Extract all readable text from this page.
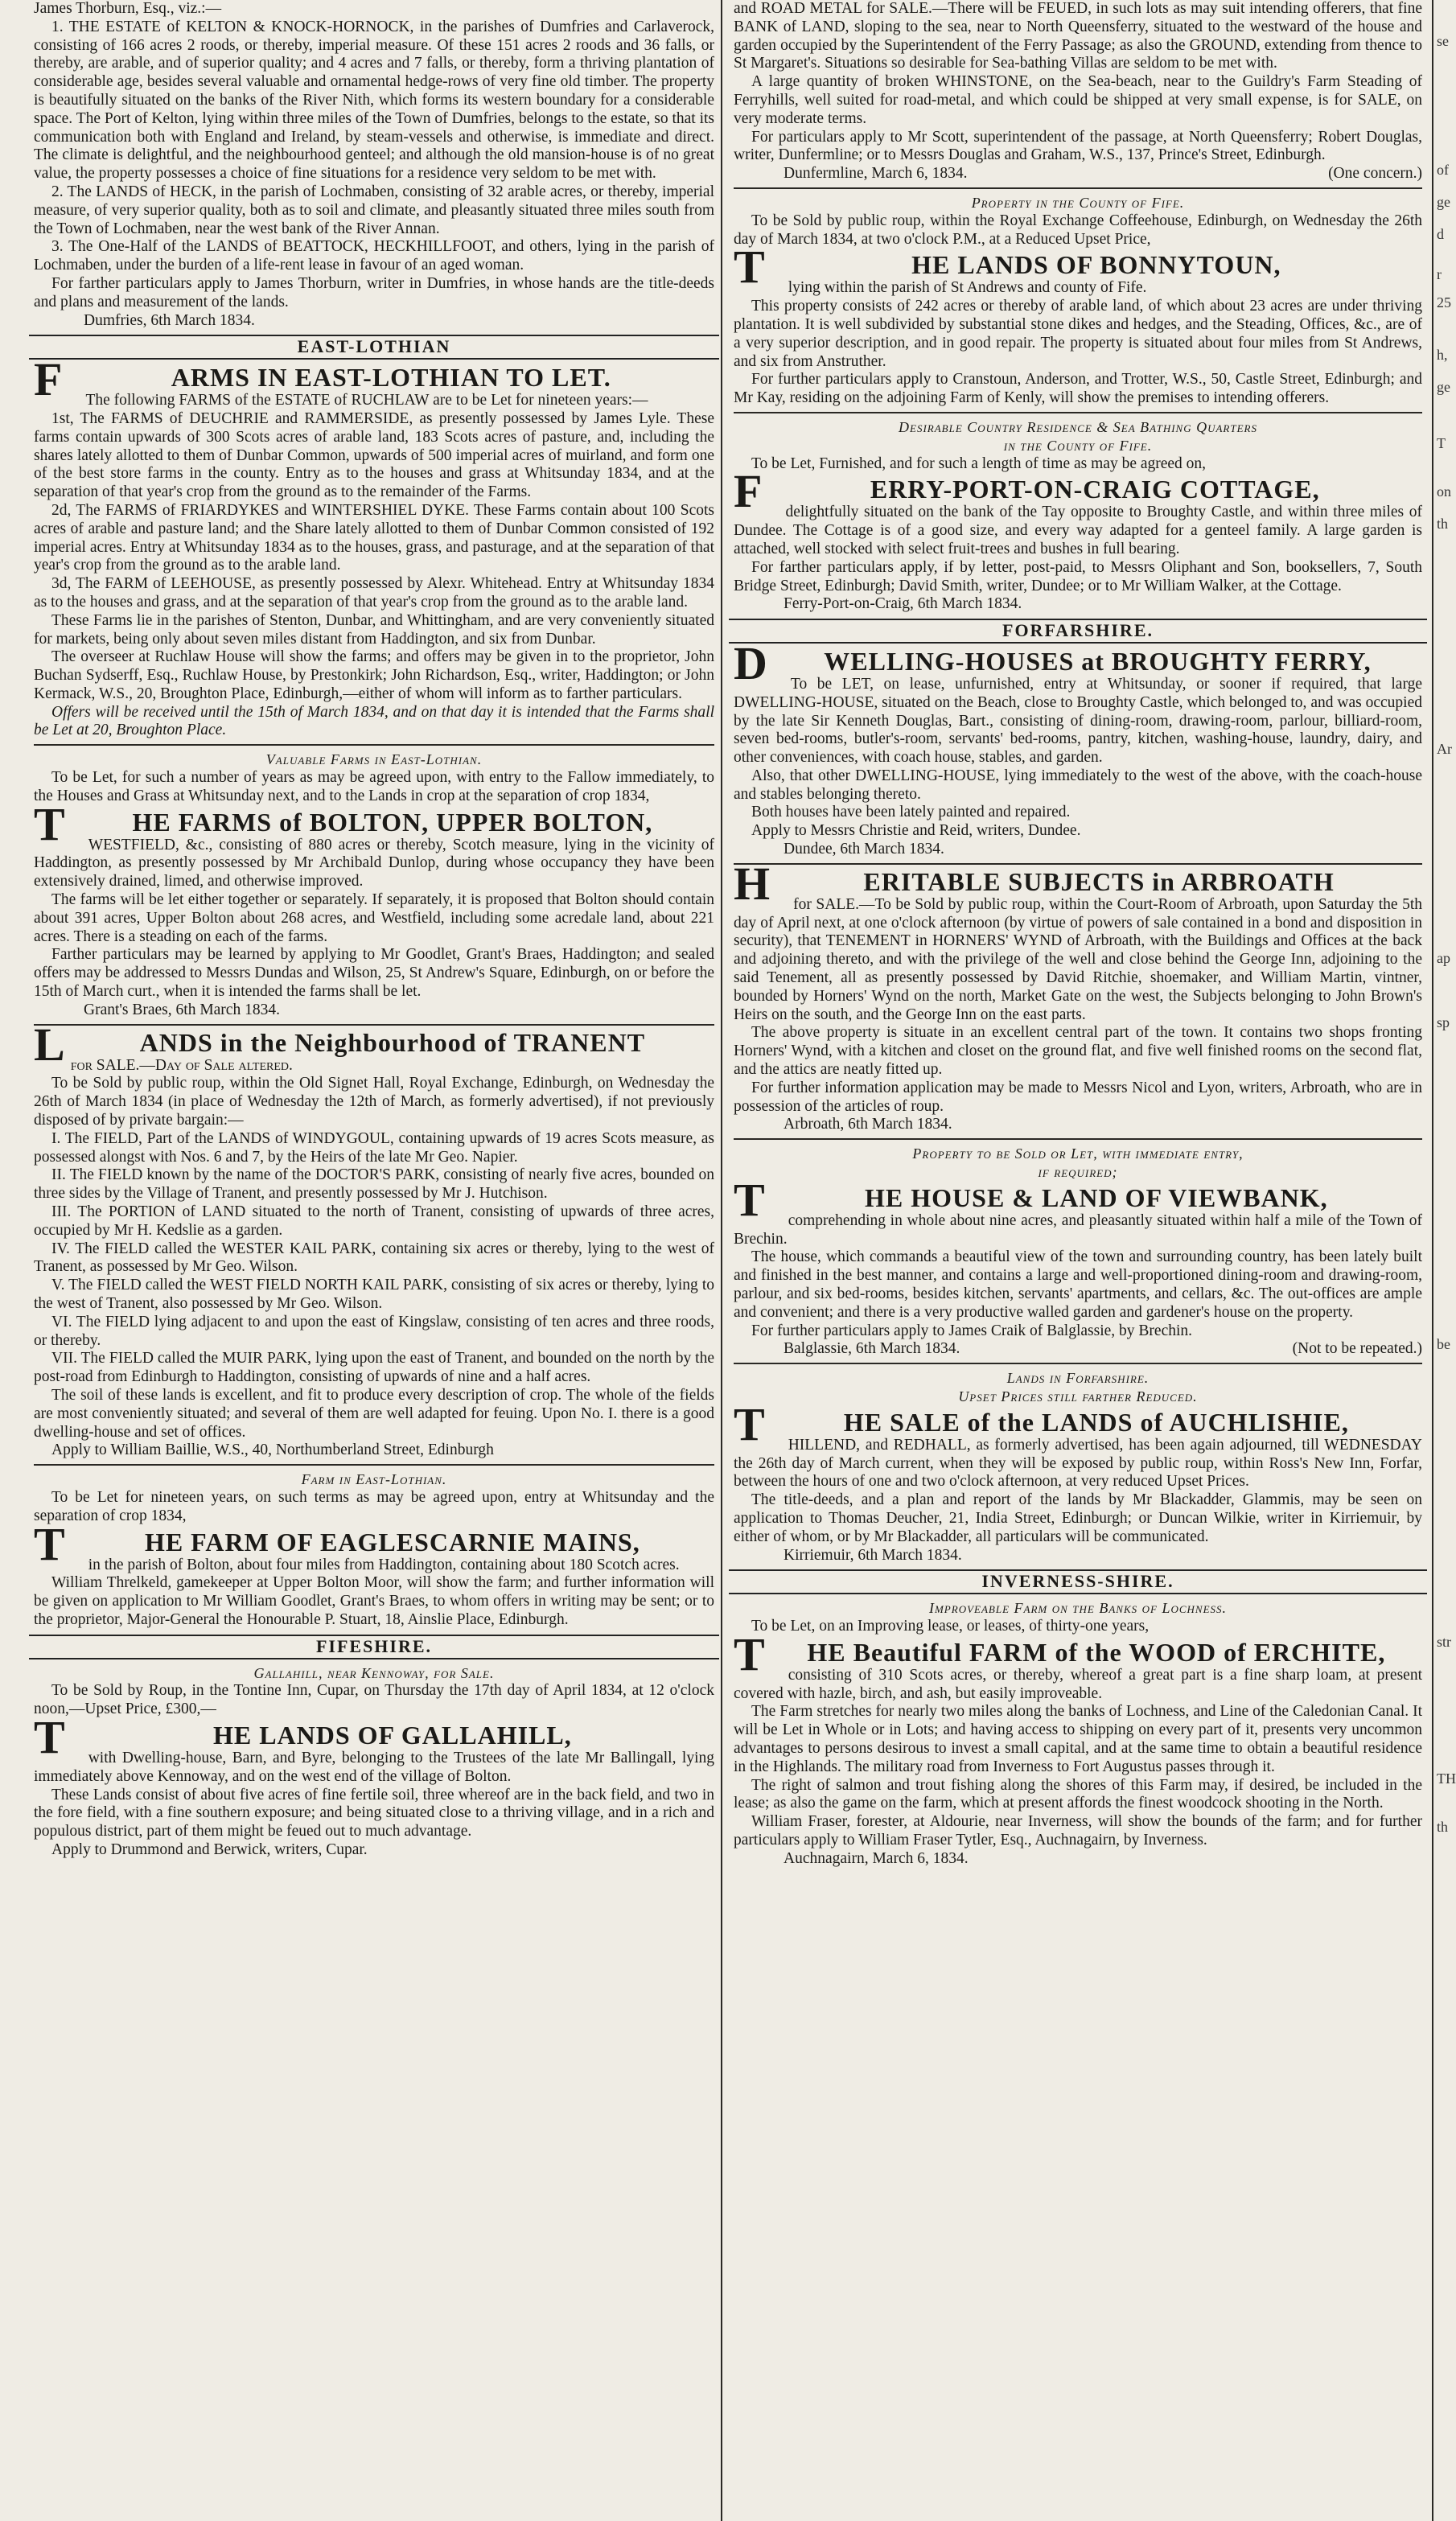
James Thorburn, Esq., viz.:—

1. THE ESTATE of KELTON & KNOCK-HORNOCK, in the parishes of Dumfries and Carlaverock, consisting of 166 acres 2 roods, or thereby, imperial measure. Of these 151 acres 2 roods and 36 falls, or thereby, are arable, and of superior quality; and 4 acres and 7 falls, or thereby, form a thriving plantation of considerable age, besides several valuable and ornamental hedge-rows of very fine old timber. The property is beautifully situated on the banks of the River Nith, which forms its western boundary for a considerable space. The Port of Kelton, lying within three miles of the Town of Dumfries, belongs to the estate, so that its communication both with England and Ireland, by steam-vessels and otherwise, is immediate and direct. The climate is delightful, and the neighbourhood genteel; and although the old mansion-house is of no great value, the property possesses a choice of fine situations for a residence very seldom to be met with.

2. The LANDS of HECK, in the parish of Lochmaben, consisting of 32 arable acres, or thereby, imperial measure, of very superior quality, both as to soil and climate, and pleasantly situated three miles south from the Town of Lochmaben, near the west bank of the River Annan.

3. The One-Half of the LANDS of BEATTOCK, HECKHILLFOOT, and others, lying in the parish of Lochmaben, under the burden of a life-rent lease in favour of an aged woman.

For farther particulars apply to James Thorburn, writer in Dumfries, in whose hands are the title-deeds and plans and measurement of the lands.

Dumfries, 6th March 1834.

EAST-LOTHIAN
F	ARMS IN EAST-LOTHIAN TO LET.

The following FARMS of the ESTATE of RUCHLAW are to be Let for nineteen years:—

1st, The FARMS of DEUCHRIE and RAMMERSIDE, as presently possessed by James Lyle. These farms contain upwards of 300 Scots acres of arable land, 183 Scots acres of pasture, and, including the shares lately allotted to them of Dunbar Common, upwards of 500 imperial acres of muirland, and form one of the best store farms in the county. Entry as to the houses and grass at Whitsunday 1834, and at the separation of that year's crop from the ground as to the remainder of the Farms.

2d, The FARMS of FRIARDYKES and WINTERSHIEL DYKE. These Farms contain about 100 Scots acres of arable and pasture land; and the Share lately allotted to them of Dunbar Common consisted of 192 imperial acres. Entry at Whitsunday 1834 as to the houses, grass, and pasturage, and at the separation of that year's crop from the ground as to the arable land.

3d, The FARM of LEEHOUSE, as presently possessed by Alexr. Whitehead. Entry at Whitsunday 1834 as to the houses and grass, and at the separation of that year's crop from the ground as to the arable land.

These Farms lie in the parishes of Stenton, Dunbar, and Whittingham, and are very conveniently situated for markets, being only about seven miles distant from Haddington, and six from Dunbar.

The overseer at Ruchlaw House will show the farms; and offers may be given in to the proprietor, John Buchan Sydserff, Esq., Ruchlaw House, by Prestonkirk; John Richardson, Esq., writer, Haddington; or John Kermack, W.S., 20, Broughton Place, Edinburgh,—either of whom will inform as to farther particulars.

Offers will be received until the 15th of March 1834, and on that day it is intended that the Farms shall be Let at 20, Broughton Place.

Valuable Farms in East-Lothian.

To be Let, for such a number of years as may be agreed upon, with entry to the Fallow immediately, to the Houses and Grass at Whitsunday next, and to the Lands in crop at the separation of crop 1834,

T	HE FARMS of BOLTON, UPPER BOLTON,

WESTFIELD, &c., consisting of 880 acres or thereby, Scotch measure, lying in the vicinity of Haddington, as presently possessed by Mr Archibald Dunlop, during whose occupancy they have been extensively drained, limed, and otherwise improved.

The farms will be let either together or separately. If separately, it is proposed that Bolton should contain about 391 acres, Upper Bolton about 268 acres, and Westfield, including some acredale land, about 221 acres. There is a steading on each of the farms.

Farther particulars may be learned by applying to Mr Goodlet, Grant's Braes, Haddington; and sealed offers may be addressed to Messrs Dundas and Wilson, 25, St Andrew's Square, Edinburgh, on or before the 15th of March curt., when it is intended the farms shall be let.

Grant's Braes, 6th March 1834.

L	ANDS in the Neighbourhood of TRANENT

for SALE.—Day of Sale altered.

To be Sold by public roup, within the Old Signet Hall, Royal Exchange, Edinburgh, on Wednesday the 26th of March 1834 (in place of Wednesday the 12th of March, as formerly advertised), if not previously disposed of by private bargain:—

I. The FIELD, Part of the LANDS of WINDYGOUL, containing upwards of 19 acres Scots measure, as possessed alongst with Nos. 6 and 7, by the Heirs of the late Mr Geo. Napier.

II. The FIELD known by the name of the DOCTOR'S PARK, consisting of nearly five acres, bounded on three sides by the Village of Tranent, and presently possessed by Mr J. Hutchison.

III. The PORTION of LAND situated to the north of Tranent, consisting of upwards of three acres, occupied by Mr H. Kedslie as a garden.

IV. The FIELD called the WESTER KAIL PARK, containing six acres or thereby, lying to the west of Tranent, as possessed by Mr Geo. Wilson.

V. The FIELD called the WEST FIELD NORTH KAIL PARK, consisting of six acres or thereby, lying to the west of Tranent, also possessed by Mr Geo. Wilson.

VI. The FIELD lying adjacent to and upon the east of Kingslaw, consisting of ten acres and three roods, or thereby.

VII. The FIELD called the MUIR PARK, lying upon the east of Tranent, and bounded on the north by the post-road from Edinburgh to Haddington, consisting of upwards of nine and a half acres.

The soil of these lands is excellent, and fit to produce every description of crop. The whole of the fields are most conveniently situated; and several of them are well adapted for feuing. Upon No. I. there is a good dwelling-house and set of offices.

Apply to William Baillie, W.S., 40, Northumberland Street, Edinburgh

Farm in East-Lothian.

To be Let for nineteen years, on such terms as may be agreed upon, entry at Whitsunday and the separation of crop 1834,

T	HE FARM OF EAGLESCARNIE MAINS,

in the parish of Bolton, about four miles from Haddington, containing about 180 Scotch acres.

William Threlkeld, gamekeeper at Upper Bolton Moor, will show the farm; and further information will be given on application to Mr William Goodlet, Grant's Braes, to whom offers in writing may be sent; or to the proprietor, Major-General the Honourable P. Stuart, 18, Ainslie Place, Edinburgh.

FIFESHIRE.
Gallahill, near Kennoway, for Sale.

To be Sold by Roup, in the Tontine Inn, Cupar, on Thursday the 17th day of April 1834, at 12 o'clock noon,—Upset Price, £300,—

T	HE LANDS OF GALLAHILL,

with Dwelling-house, Barn, and Byre, belonging to the Trustees of the late Mr Ballingall, lying immediately above Kennoway, and on the west end of the village of Bolton.

These Lands consist of about five acres of fine fertile soil, three whereof are in the back field, and two in the fore field, with a fine southern exposure; and being situated close to a thriving village, and in a rich and populous district, part of them might be feued out to much advantage.

Apply to Drummond and Berwick, writers, Cupar.

and ROAD METAL for SALE.—There will be FEUED, in such lots as may suit intending offerers, that fine BANK of LAND, sloping to the sea, near to North Queensferry, situated to the westward of the house and garden occupied by the Superintendent of the Ferry Passage; as also the GROUND, extending from thence to St Margaret's. Situations so desirable for Sea-bathing Villas are seldom to be met with.

A large quantity of broken WHINSTONE, on the Sea-beach, near to the Guildry's Farm Steading of Ferryhills, well suited for road-metal, and which could be shipped at very small expense, is for SALE, on very moderate terms.

For particulars apply to Mr Scott, superintendent of the passage, at North Queensferry; Robert Douglas, writer, Dunfermline; or to Messrs Douglas and Graham, W.S., 137, Prince's Street, Edinburgh.

Dunfermline, March 6, 1834.	(One concern.)

Property in the County of Fife.

To be Sold by public roup, within the Royal Exchange Coffeehouse, Edinburgh, on Wednesday the 26th day of March 1834, at two o'clock P.M., at a Reduced Upset Price,

T	HE LANDS OF BONNYTOUN,

lying within the parish of St Andrews and county of Fife.

This property consists of 242 acres or thereby of arable land, of which about 23 acres are under thriving plantation. It is well subdivided by substantial stone dikes and hedges, and the Steading, Offices, &c., are of a very superior description, and in good repair. The property is situated about four miles from St Andrews, and six from Anstruther.

For further particulars apply to Cranstoun, Anderson, and Trotter, W.S., 50, Castle Street, Edinburgh; and Mr Kay, residing on the adjoining Farm of Kenly, will show the premises to intending offerers.

Desirable Country Residence & Sea Bathing Quarters
in the County of Fife.

To be Let, Furnished, and for such a length of time as may be agreed on,

F	ERRY-PORT-ON-CRAIG COTTAGE,

delightfully situated on the bank of the Tay opposite to Broughty Castle, and within three miles of Dundee. The Cottage is of a good size, and every way adapted for a genteel family. A large garden is attached, well stocked with select fruit-trees and bushes in full bearing.

For farther particulars apply, if by letter, post-paid, to Messrs Oliphant and Son, booksellers, 7, South Bridge Street, Edinburgh; David Smith, writer, Dundee; or to Mr William Walker, at the Cottage.

Ferry-Port-on-Craig, 6th March 1834.

FORFARSHIRE.
D WELLING-HOUSES at BROUGHTY FERRY,

To be LET, on lease, unfurnished, entry at Whitsunday, or sooner if required, that large DWELLING-HOUSE, situated on the Beach, close to Broughty Castle, which belonged to, and was occupied by the late Sir Kenneth Douglas, Bart., consisting of dining-room, drawing-room, parlour, billiard-room, seven bed-rooms, butler's-room, servants' bed-rooms, pantry, kitchen, washing-house, laundry, dairy, and other conveniences, with coach house, stables, and garden.

Also, that other DWELLING-HOUSE, lying immediately to the west of the above, with the coach-house and stables belonging thereto.

Both houses have been lately painted and repaired.

Apply to Messrs Christie and Reid, writers, Dundee.

Dundee, 6th March 1834.

H	ERITABLE SUBJECTS in ARBROATH

for SALE.—To be Sold by public roup, within the Court-Room of Arbroath, upon Saturday the 5th day of April next, at one o'clock afternoon (by virtue of powers of sale contained in a bond and disposition in security), that TENEMENT in HORNERS' WYND of Arbroath, with the Buildings and Offices at the back and adjoining thereto, and with the privilege of the well and close behind the George Inn, adjoining to the said Tenement, all as presently possessed by David Ritchie, shoemaker, and William Martin, vintner, bounded by Horners' Wynd on the north, Market Gate on the west, the Subjects belonging to John Brown's Heirs on the south, and the George Inn on the east parts.

The above property is situate in an excellent central part of the town. It contains two shops fronting Horners' Wynd, with a kitchen and closet on the ground flat, and five well finished rooms on the second flat, and the attics are neatly fitted up.

For further information application may be made to Messrs Nicol and Lyon, writers, Arbroath, who are in possession of the articles of roup.

Arbroath, 6th March 1834.

Property to be Sold or Let, with immediate entry,
if required;
T	HE HOUSE & LAND OF VIEWBANK,

comprehending in whole about nine acres, and pleasantly situated within half a mile of the Town of Brechin.

The house, which commands a beautiful view of the town and surrounding country, has been lately built and finished in the best manner, and contains a large and well-proportioned dining-room and drawing-room, parlour, and six bed-rooms, besides kitchen, servants' apartments, and cellars, &c. The out-offices are ample and convenient; and there is a very productive walled garden and gardener's house on the property.

For further particulars apply to James Craik of Balglassie, by Brechin.

Balglassie, 6th March 1834.	(Not to be repeated.)

Lands in Forfarshire.
Upset Prices still farther Reduced.
T	HE SALE of the LANDS of AUCHLISHIE,

HILLEND, and REDHALL, as formerly advertised, has been again adjourned, till WEDNESDAY the 26th day of March current, when they will be exposed by public roup, within Ross's New Inn, Forfar, between the hours of one and two o'clock afternoon, at very reduced Upset Prices.

The title-deeds, and a plan and report of the lands by Mr Blackadder, Glammis, may be seen on application to Thomas Deucher, 21, India Street, Edinburgh; or Duncan Wilkie, writer in Kirriemuir, by either of whom, or by Mr Blackadder, all particulars will be communicated.

Kirriemuir, 6th March 1834.

INVERNESS-SHIRE.
Improveable Farm on the Banks of Lochness.

To be Let, on an Improving lease, or leases, of thirty-one years,

T HE Beautiful FARM of the WOOD of ERCHITE,

consisting of 310 Scots acres, or thereby, whereof a great part is a fine sharp loam, at present covered with hazle, birch, and ash, but easily improveable.

The Farm stretches for nearly two miles along the banks of Lochness, and Line of the Caledonian Canal. It will be Let in Whole or in Lots; and having access to shipping on every part of it, presents very uncommon advantages to persons desirous to invest a small capital, and at the same time to obtain a beautiful residence in the Highlands. The military road from Inverness to Fort Augustus passes through it.

The right of salmon and trout fishing along the shores of this Farm may, if desired, be included in the lease; as also the game on the farm, which at present affords the finest woodcock shooting in the North.

William Fraser, forester, at Aldourie, near Inverness, will show the bounds of the farm; and for further particulars apply to William Fraser Tytler, Esq., Auchnagairn, by Inverness.

Auchnagairn, March 6, 1834.

se
of
ge
d
r
25
h,
ge
T
on
th
Ar
ap
sp
be
str
TH
th
